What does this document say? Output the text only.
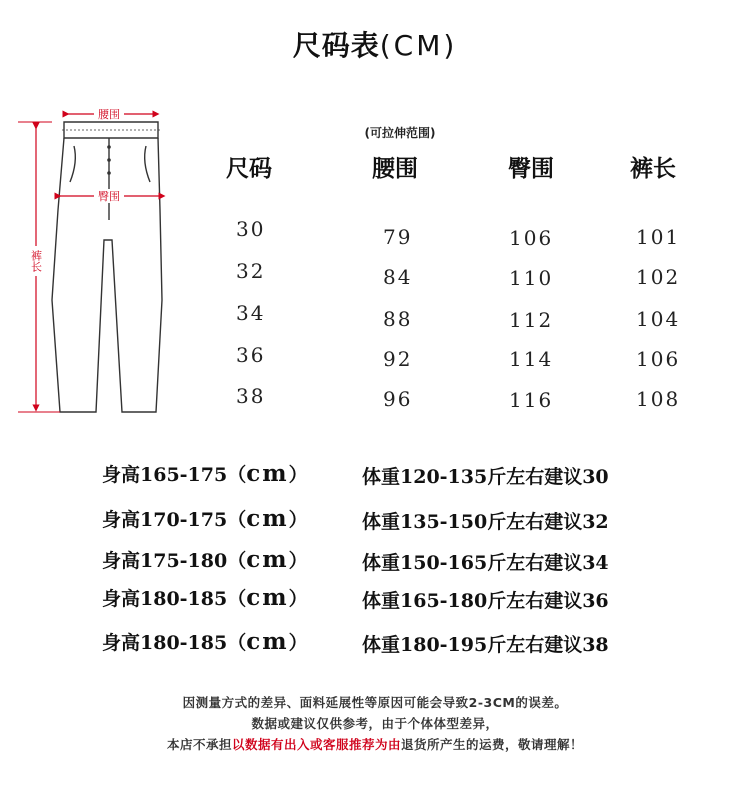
尺码表(CM)
腰围
臀围
裤长
(可拉伸范围)
尺码	腰围	臀围	裤长
30	79	106	101
32	84	110	102
34	88	112	104
36	92	114	106
38	96	116	108
身高165-175（cm）	体重120-135斤左右建议30
身高170-175（cm）	体重135-150斤左右建议32
身高175-180（cm）	体重150-165斤左右建议34
身高180-185（cm）	体重165-180斤左右建议36
身高180-185（cm）	体重180-195斤左右建议38
因测量方式的差异、面料延展性等原因可能会导致2-3CM的误差。
数据或建议仅供参考，由于个体体型差异，
本店不承担以数据有出入或客服推荐为由退货所产生的运费，敬请理解！
